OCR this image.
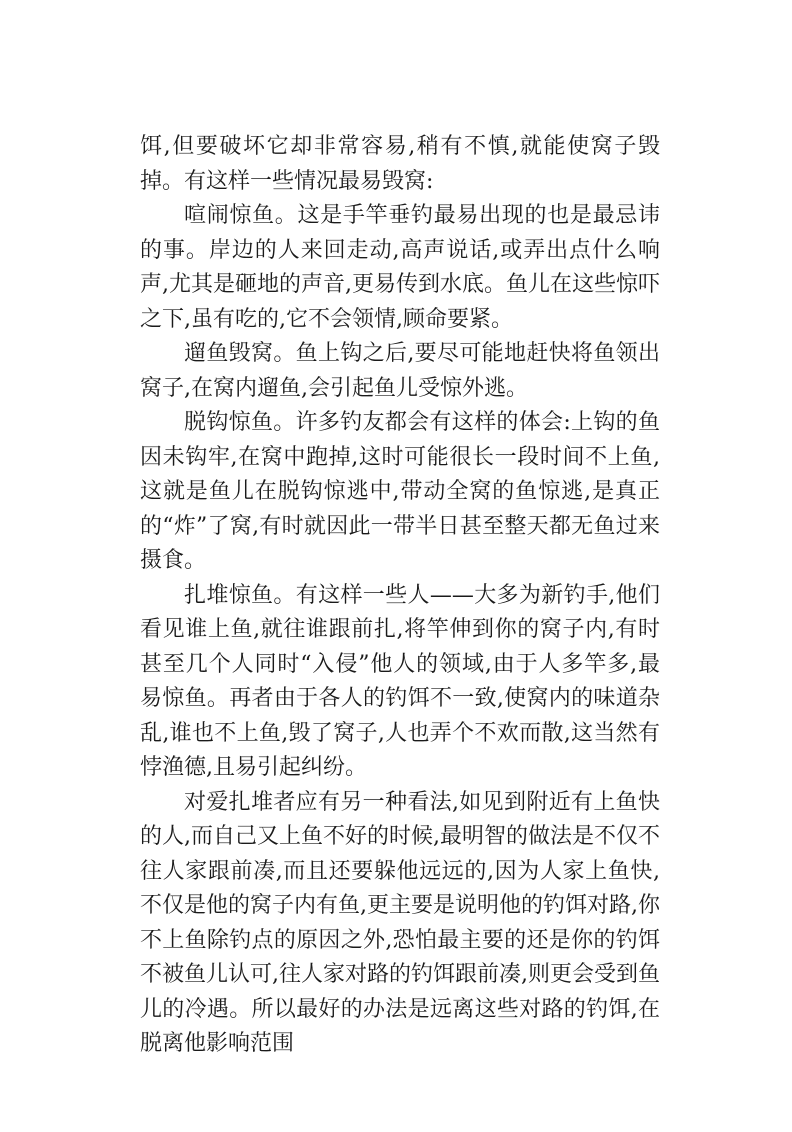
饵,但要破坏它却非常容易,稍有不慎,就能使窝子毁掉。有这样一些情况最易毁窝:

喧闹惊鱼。这是手竿垂钓最易出现的也是最忌讳的事。岸边的人来回走动,高声说话,或弄出点什么响声,尤其是砸地的声音,更易传到水底。鱼儿在这些惊吓之下,虽有吃的,它不会领情,顾命要紧。

遛鱼毁窝。鱼上钩之后,要尽可能地赶快将鱼领出窝子,在窝内遛鱼,会引起鱼儿受惊外逃。

脱钩惊鱼。许多钓友都会有这样的体会:上钩的鱼因未钩牢,在窝中跑掉,这时可能很长一段时间不上鱼,这就是鱼儿在脱钩惊逃中,带动全窝的鱼惊逃,是真正的“炸”了窝,有时就因此一带半日甚至整天都无鱼过来摄食。

扎堆惊鱼。有这样一些人——大多为新钓手,他们看见谁上鱼,就往谁跟前扎,将竿伸到你的窝子内,有时甚至几个人同时“入侵”他人的领域,由于人多竿多,最易惊鱼。再者由于各人的钓饵不一致,使窝内的味道杂乱,谁也不上鱼,毁了窝子,人也弄个不欢而散,这当然有悖渔德,且易引起纠纷。

对爱扎堆者应有另一种看法,如见到附近有上鱼快的人,而自己又上鱼不好的时候,最明智的做法是不仅不往人家跟前凑,而且还要躲他远远的,因为人家上鱼快,不仅是他的窝子内有鱼,更主要是说明他的钓饵对路,你不上鱼除钓点的原因之外,恐怕最主要的还是你的钓饵不被鱼儿认可,往人家对路的钓饵跟前凑,则更会受到鱼儿的冷遇。所以最好的办法是远离这些对路的钓饵,在脱离他影响范围
